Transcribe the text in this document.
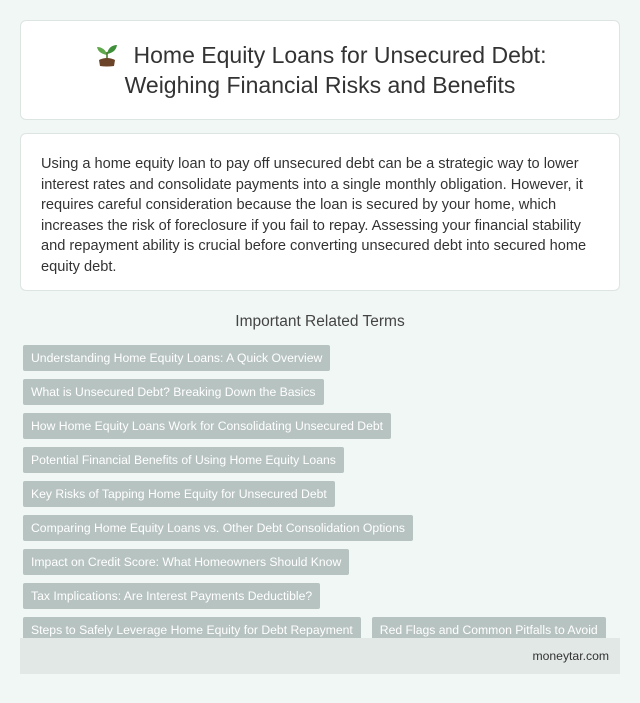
Home Equity Loans for Unsecured Debt: Weighing Financial Risks and Benefits

Using a home equity loan to pay off unsecured debt can be a strategic way to lower interest rates and consolidate payments into a single monthly obligation. However, it requires careful consideration because the loan is secured by your home, which increases the risk of foreclosure if you fail to repay. Assessing your financial stability and repayment ability is crucial before converting unsecured debt into secured home equity debt.

Important Related Terms
Understanding Home Equity Loans: A Quick Overview
What is Unsecured Debt? Breaking Down the Basics
How Home Equity Loans Work for Consolidating Unsecured Debt
Potential Financial Benefits of Using Home Equity Loans
Key Risks of Tapping Home Equity for Unsecured Debt
Comparing Home Equity Loans vs. Other Debt Consolidation Options
Impact on Credit Score: What Homeowners Should Know
Tax Implications: Are Interest Payments Deductible?
Steps to Safely Leverage Home Equity for Debt Repayment	Red Flags and Common Pitfalls to Avoid
moneytar.com
